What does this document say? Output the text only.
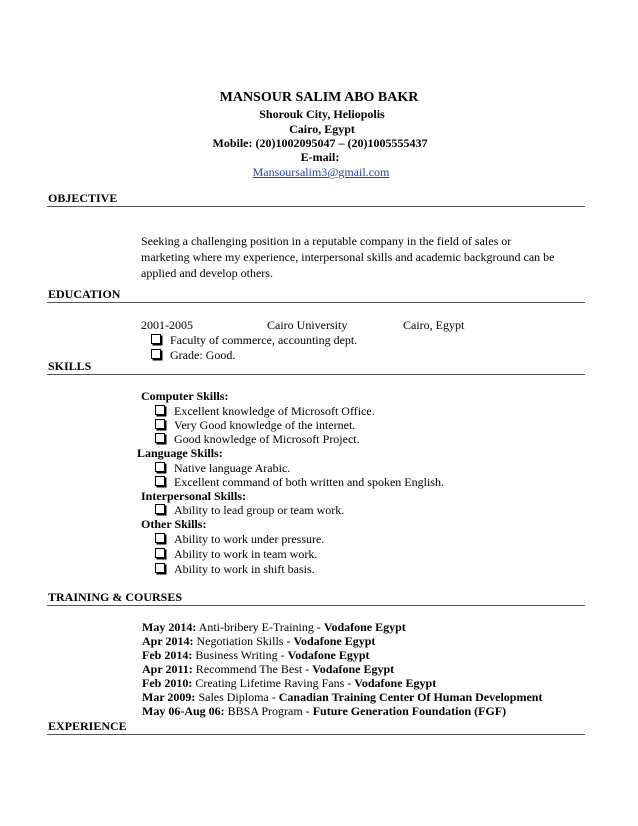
MANSOUR SALIM ABO BAKR
Shorouk City, Heliopolis
Cairo, Egypt
Mobile: (20)1002095047 – (20)1005555437
E-mail:
Mansoursalim3@gmail.com
OBJECTIVE
Seeking a challenging position in a reputable company in the field of sales or
marketing where my experience, interpersonal skills and academic background can be
applied and develop others.
EDUCATION
2001-2005	Cairo University	Cairo, Egypt
Faculty of commerce, accounting dept.
Grade: Good.
SKILLS
Computer Skills:
Excellent knowledge of Microsoft Office.
Very Good knowledge of the internet.
Good knowledge of Microsoft Project.
Language Skills:
Native language Arabic.
Excellent command of both written and spoken English.
Interpersonal Skills:
Ability to lead group or team work.
Other Skills:
Ability to work under pressure.
Ability to work in team work.
Ability to work in shift basis.
TRAINING & COURSES
May 2014: Anti-bribery E-Training - Vodafone Egypt
Apr 2014: Negotiation Skills - Vodafone Egypt
Feb 2014: Business Writing - Vodafone Egypt
Apr 2011: Recommend The Best - Vodafone Egypt
Feb 2010: Creating Lifetime Raving Fans - Vodafone Egypt
Mar 2009: Sales Diploma - Canadian Training Center Of Human Development
May 06-Aug 06: BBSA Program - Future Generation Foundation (FGF)
EXPERIENCE
